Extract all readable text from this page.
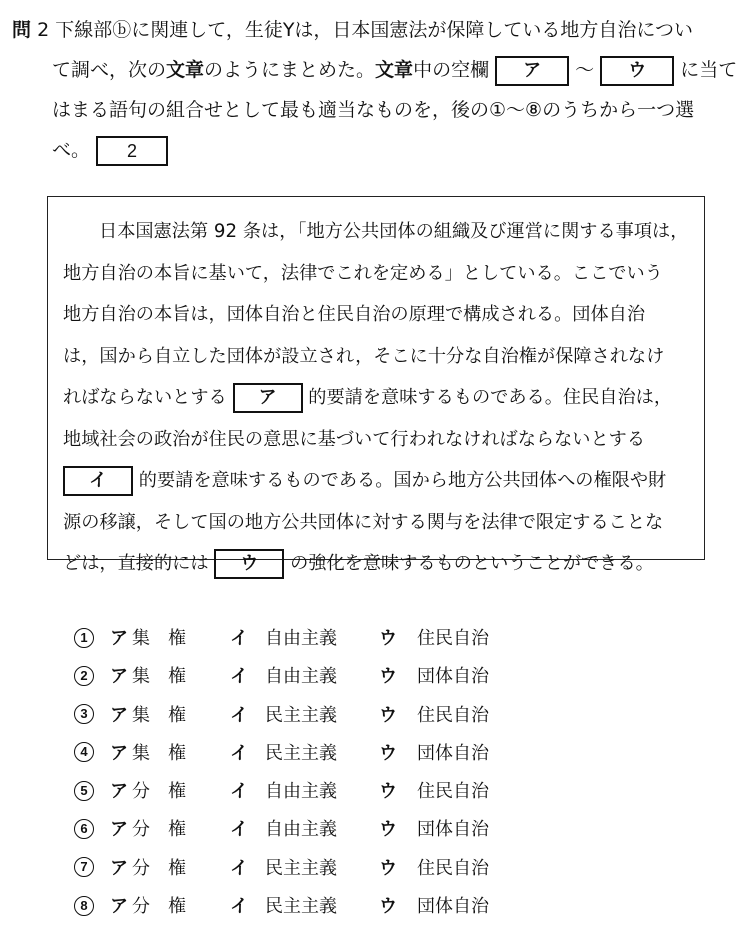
問 2 下線部ⓑに関連して，生徒Yは，日本国憲法が保障している地方自治につい
て調べ，次の文章のようにまとめた。文章中の空欄 ア ～ ウ に当て
はまる語句の組合せとして最も適当なものを，後の①～⑧のうちから一つ選
べ。 2
日本国憲法第 92 条は，「地方公共団体の組織及び運営に関する事項は，
地方自治の本旨に基いて，法律でこれを定める」としている。ここでいう
地方自治の本旨は，団体自治と住民自治の原理で構成される。団体自治
は，国から自立した団体が設立され，そこに十分な自治権が保障されなけ
ればならないとする ア 的要請を意味するものである。住民自治は，
地域社会の政治が住民の意思に基づいて行われなければならないとする
イ 的要請を意味するものである。国から地方公共団体への権限や財
源の移譲，そして国の地方公共団体に対する関与を法律で限定することな
どは，直接的には ウ の強化を意味するものということができる。
1 ア 集権 イ 自由主義 ウ 住民自治
2 ア 集権 イ 自由主義 ウ 団体自治
3 ア 集権 イ 民主主義 ウ 住民自治
4 ア 集権 イ 民主主義 ウ 団体自治
5 ア 分権 イ 自由主義 ウ 住民自治
6 ア 分権 イ 自由主義 ウ 団体自治
7 ア 分権 イ 民主主義 ウ 住民自治
8 ア 分権 イ 民主主義 ウ 団体自治
